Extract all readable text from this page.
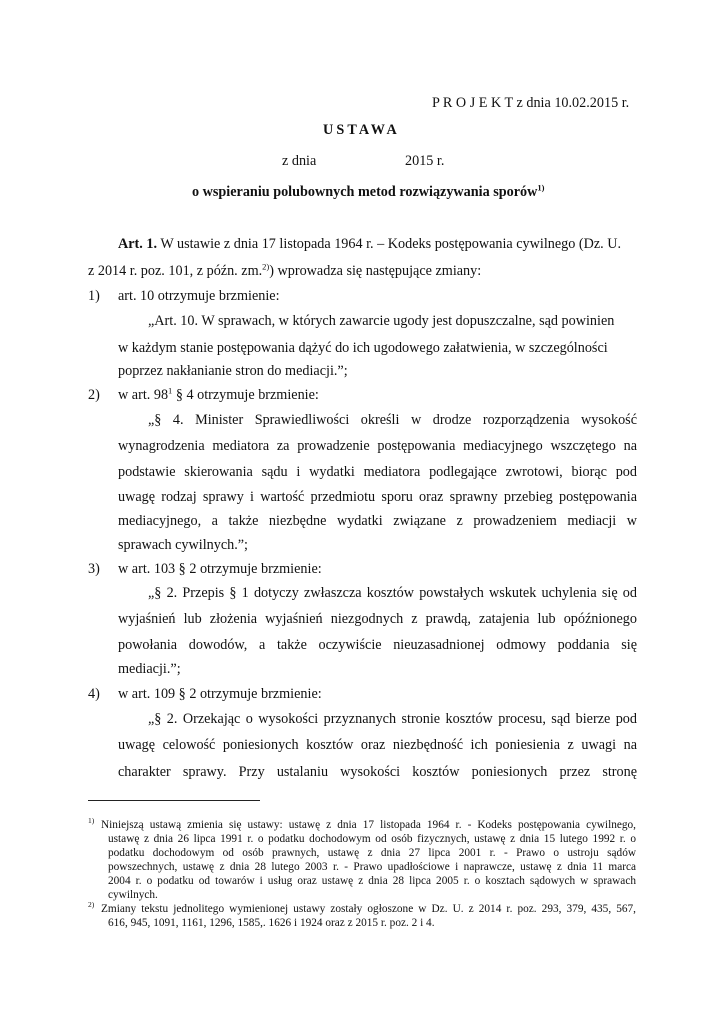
P R O J E K T z dnia 10.02.2015 r.
USTAWA
z dnia	2015 r.
o wspieraniu polubownych metod rozwiązywania sporów$^{1)}$
Art. 1. W ustawie z dnia 17 listopada 1964 r. – Kodeks postępowania cywilnego (Dz. U.
z 2014 r. poz. 101, z późn. zm.$^{2)}$) wprowadza się następujące zmiany:
1) art. 10 otrzymuje brzmienie:
„Art. 10. W sprawach, w których zawarcie ugody jest dopuszczalne, sąd powinien
w każdym stanie postępowania dążyć do ich ugodowego załatwienia, w szczególności
poprzez nakłanianie stron do mediacji.”;
2) w art. $98^1$ § 4 otrzymuje brzmienie:
„§ 4. Minister Sprawiedliwości określi w drodze rozporządzenia wysokość
wynagrodzenia mediatora za prowadzenie postępowania mediacyjnego wszczętego na
podstawie skierowania sądu i wydatki mediatora podlegające zwrotowi, biorąc pod
uwagę rodzaj sprawy i wartość przedmiotu sporu oraz sprawny przebieg postępowania
mediacyjnego, a także niezbędne wydatki związane z prowadzeniem mediacji w
sprawach cywilnych.”;
3) w art. 103 § 2 otrzymuje brzmienie:
„§ 2. Przepis § 1 dotyczy zwłaszcza kosztów powstałych wskutek uchylenia się od
wyjaśnień lub złożenia wyjaśnień niezgodnych z prawdą, zatajenia lub opóźnionego
powołania dowodów, a także oczywiście nieuzasadnionej odmowy poddania się
mediacji.”;
4) w art. 109 § 2 otrzymuje brzmienie:
„§ 2. Orzekając o wysokości przyznanych stronie kosztów procesu, sąd bierze pod
uwagę celowość poniesionych kosztów oraz niezbędność ich poniesienia z uwagi na
charakter sprawy. Przy ustalaniu wysokości kosztów poniesionych przez stronę
1) Niniejszą ustawą zmienia się ustawy: ustawę z dnia 17 listopada 1964 r. - Kodeks postępowania cywilnego,
ustawę z dnia 26 lipca 1991 r. o podatku dochodowym od osób fizycznych, ustawę z dnia 15 lutego 1992 r. o
podatku dochodowym od osób prawnych, ustawę z dnia 27 lipca 2001 r. - Prawo o ustroju sądów
powszechnych, ustawę z dnia 28 lutego 2003 r. - Prawo upadłościowe i naprawcze, ustawę z dnia 11 marca
2004 r. o podatku od towarów i usług oraz ustawę z dnia 28 lipca 2005 r. o kosztach sądowych w sprawach
cywilnych.
2) Zmiany tekstu jednolitego wymienionej ustawy zostały ogłoszone w Dz. U. z 2014 r. poz. 293, 379, 435, 567,
616, 945, 1091, 1161, 1296, 1585,. 1626 i 1924 oraz z 2015 r. poz. 2 i 4.
